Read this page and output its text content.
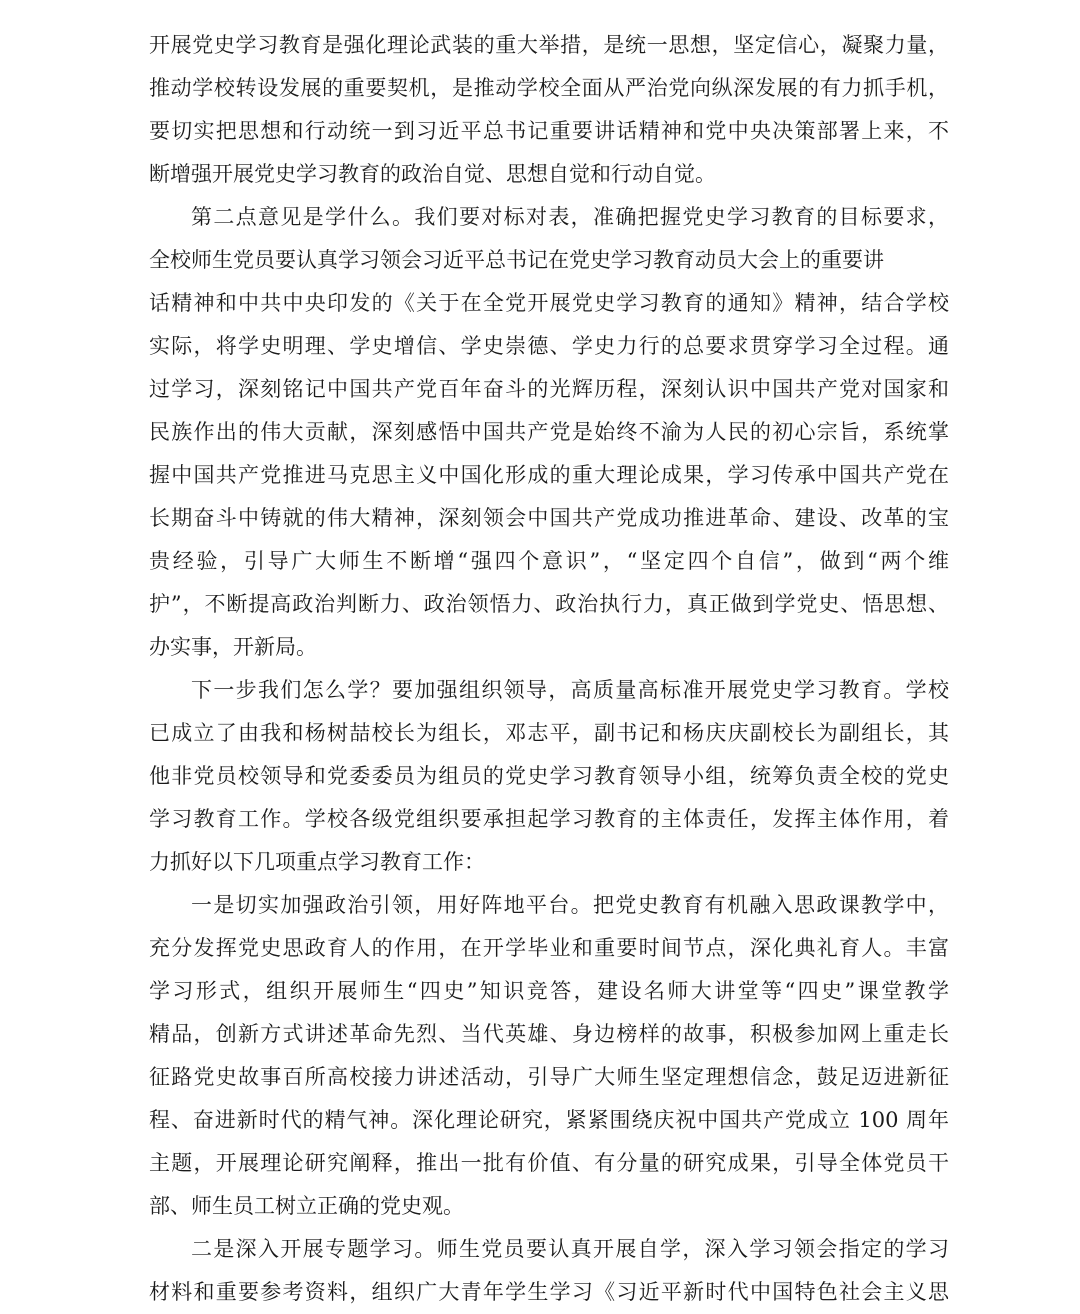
开展党史学习教育是强化理论武装的重大举措，是统一思想，坚定信心，凝聚力量，
推动学校转设发展的重要契机，是推动学校全面从严治党向纵深发展的有力抓手机，
要切实把思想和行动统一到习近平总书记重要讲话精神和党中央决策部署上来，不
断增强开展党史学习教育的政治自觉、思想自觉和行动自觉。
第二点意见是学什么。我们要对标对表，准确把握党史学习教育的目标要求，
全校师生党员要认真学习领会习近平总书记在党史学习教育动员大会上的重要讲
话精神和中共中央印发的《关于在全党开展党史学习教育的通知》精神，结合学校
实际，将学史明理、学史增信、学史崇德、学史力行的总要求贯穿学习全过程。通
过学习，深刻铭记中国共产党百年奋斗的光辉历程，深刻认识中国共产党对国家和
民族作出的伟大贡献，深刻感悟中国共产党是始终不渝为人民的初心宗旨，系统掌
握中国共产党推进马克思主义中国化形成的重大理论成果，学习传承中国共产党在
长期奋斗中铸就的伟大精神，深刻领会中国共产党成功推进革命、建设、改革的宝
贵经验，引导广大师生不断增“强四个意识”，“坚定四个自信”，做到“两个维
护”，不断提高政治判断力、政治领悟力、政治执行力，真正做到学党史、悟思想、
办实事，开新局。
下一步我们怎么学？要加强组织领导，高质量高标准开展党史学习教育。学校
已成立了由我和杨树喆校长为组长，邓志平，副书记和杨庆庆副校长为副组长，其
他非党员校领导和党委委员为组员的党史学习教育领导小组，统筹负责全校的党史
学习教育工作。学校各级党组织要承担起学习教育的主体责任，发挥主体作用，着
力抓好以下几项重点学习教育工作：
一是切实加强政治引领，用好阵地平台。把党史教育有机融入思政课教学中，
充分发挥党史思政育人的作用，在开学毕业和重要时间节点，深化典礼育人。丰富
学习形式，组织开展师生“四史”知识竞答，建设名师大讲堂等“四史”课堂教学
精品，创新方式讲述革命先烈、当代英雄、身边榜样的故事，积极参加网上重走长
征路党史故事百所高校接力讲述活动，引导广大师生坚定理想信念，鼓足迈进新征
程、奋进新时代的精气神。深化理论研究，紧紧围绕庆祝中国共产党成立 100 周年
主题，开展理论研究阐释，推出一批有价值、有分量的研究成果，引导全体党员干
部、师生员工树立正确的党史观。
二是深入开展专题学习。师生党员要认真开展自学，深入学习领会指定的学习
材料和重要参考资料，组织广大青年学生学习《习近平新时代中国特色社会主义思
